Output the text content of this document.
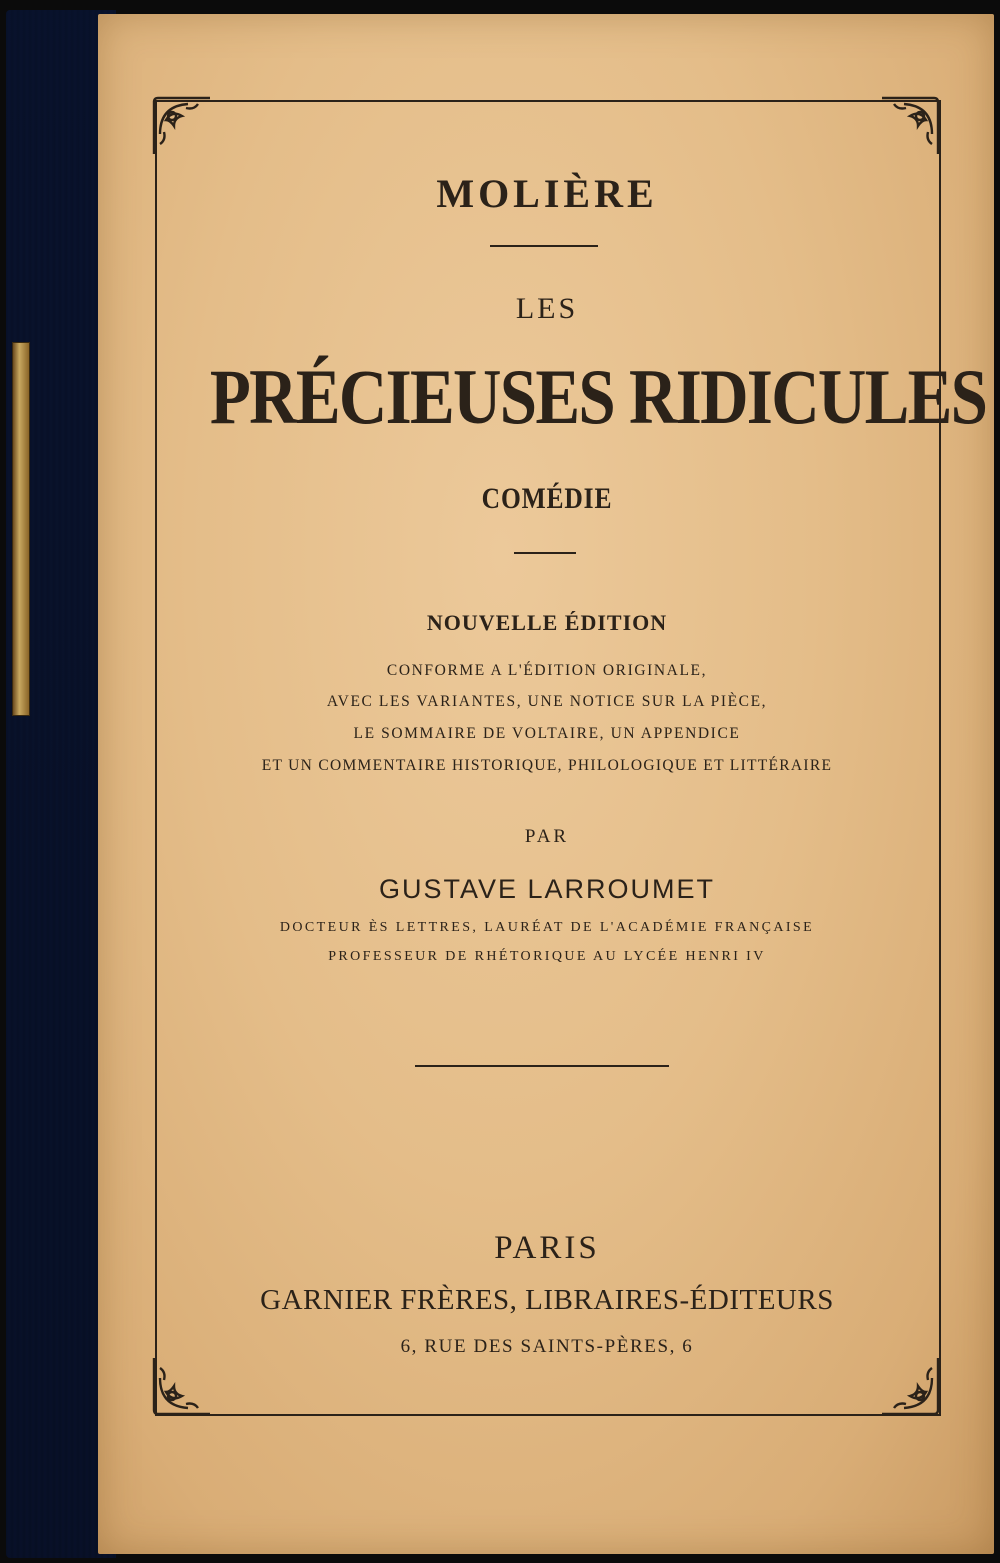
MOLIÈRE
LES
PRÉCIEUSES RIDICULES
COMÉDIE
NOUVELLE ÉDITION
CONFORME A L'ÉDITION ORIGINALE,
AVEC LES VARIANTES, UNE NOTICE SUR LA PIÈCE,
LE SOMMAIRE DE VOLTAIRE, UN APPENDICE
ET UN COMMENTAIRE HISTORIQUE, PHILOLOGIQUE ET LITTÉRAIRE
PAR
GUSTAVE LARROUMET
DOCTEUR ÈS LETTRES, LAURÉAT DE L'ACADÉMIE FRANÇAISE
PROFESSEUR DE RHÉTORIQUE AU LYCÉE HENRI IV
PARIS
GARNIER FRÈRES, LIBRAIRES-ÉDITEURS
6, RUE DES SAINTS-PÈRES, 6
